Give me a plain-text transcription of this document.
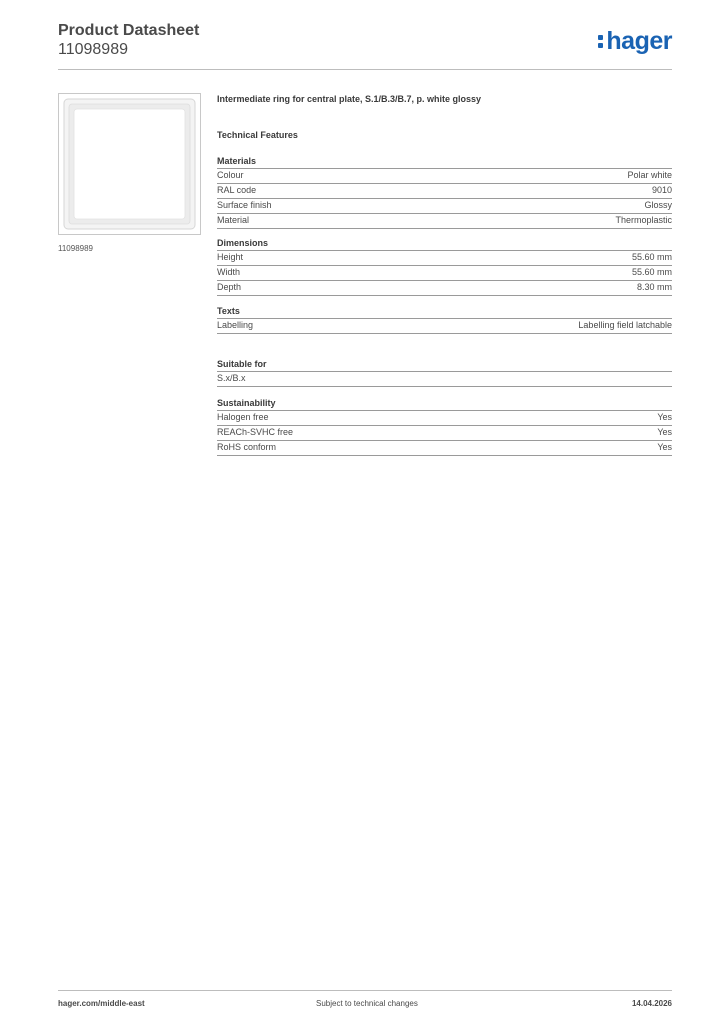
Product Datasheet
11098989	hager
11098989
Intermediate ring for central plate, S.1/B.3/B.7, p. white glossy
Technical Features
Materials
Colour	Polar white
RAL code	9010
Surface finish	Glossy
Material	Thermoplastic
Dimensions
Height	55.60 mm
Width	55.60 mm
Depth	8.30 mm
Texts
Labelling	Labelling field latchable
Suitable for
S.x/B.x
Sustainability
Halogen free	Yes
REACh-SVHC free	Yes
RoHS conform	Yes
hager.com/middle-east	Subject to technical changes	14.04.2026
